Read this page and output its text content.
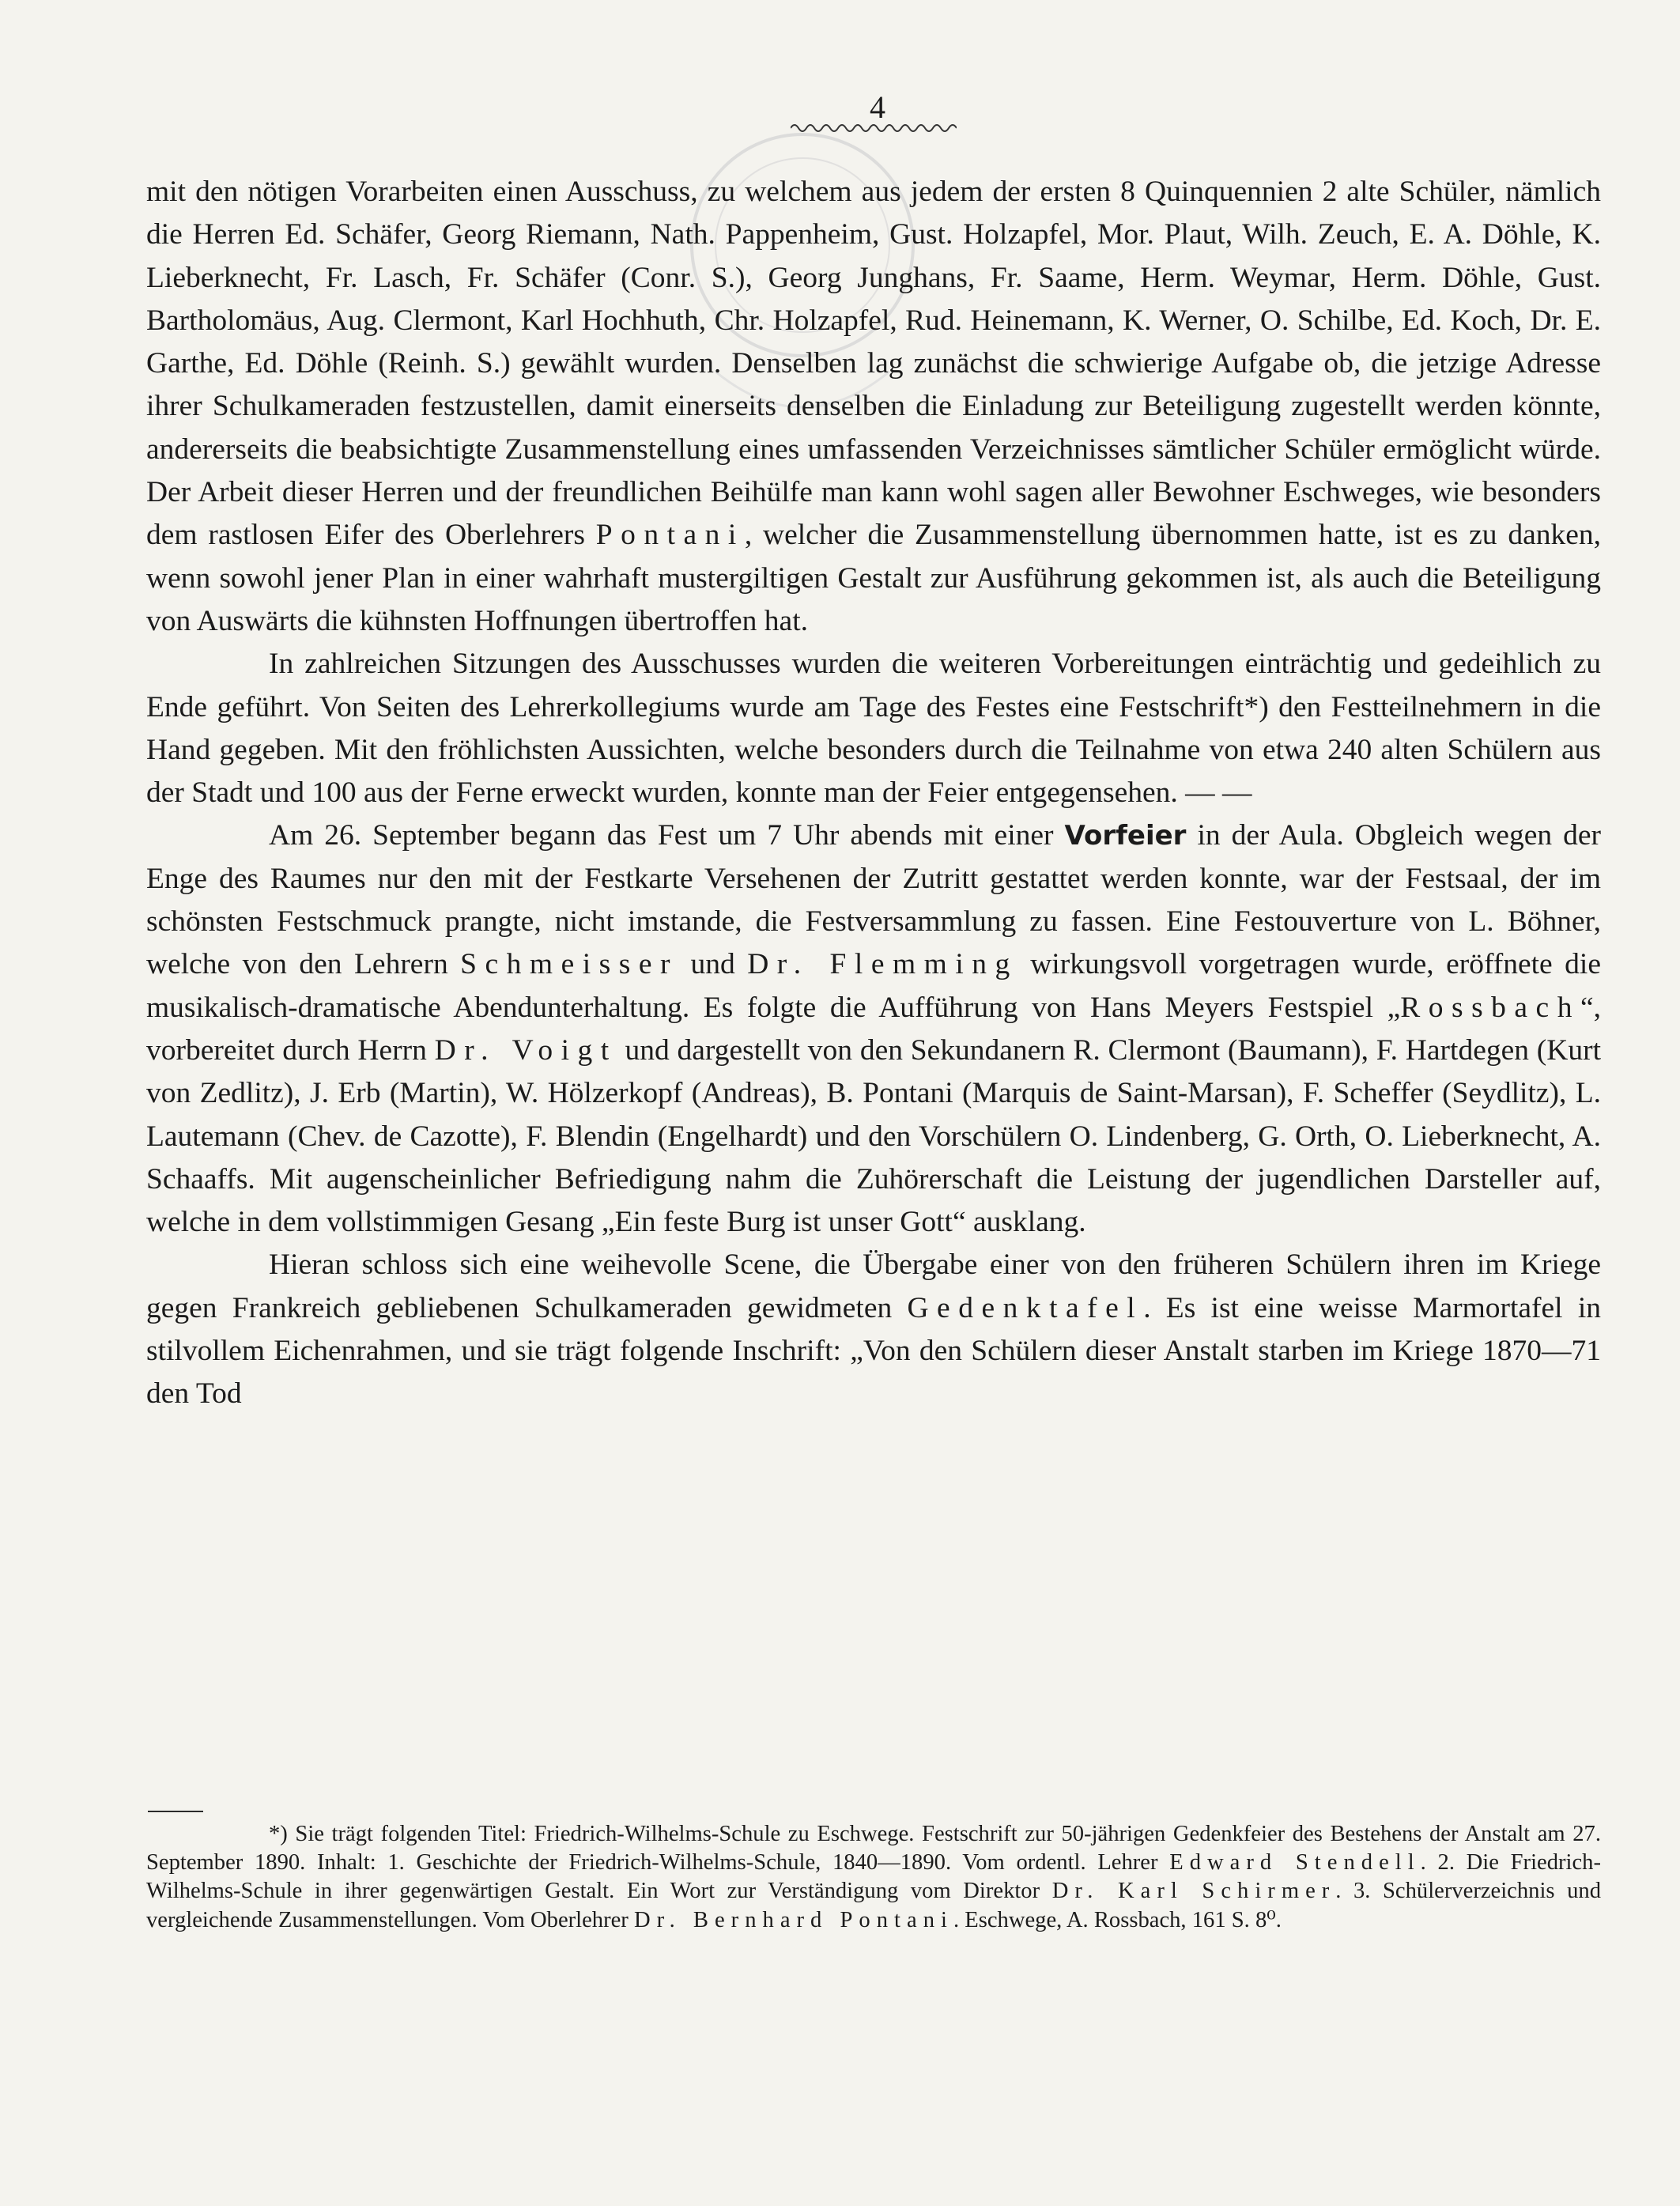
4

mit den nötigen Vorarbeiten einen Ausschuss, zu welchem aus jedem der ersten 8 Quinquennien 2 alte Schüler, nämlich die Herren Ed. Schäfer, Georg Riemann, Nath. Pappenheim, Gust. Holzapfel, Mor. Plaut, Wilh. Zeuch, E. A. Döhle, K. Lieberknecht, Fr. Lasch, Fr. Schäfer (Conr. S.), Georg Junghans, Fr. Saame, Herm. Weymar, Herm. Döhle, Gust. Bartholomäus, Aug. Clermont, Karl Hochhuth, Chr. Holzapfel, Rud. Heinemann, K. Werner, O. Schilbe, Ed. Koch, Dr. E. Garthe, Ed. Döhle (Reinh. S.) gewählt wurden. Denselben lag zunächst die schwierige Aufgabe ob, die jetzige Adresse ihrer Schulkameraden festzustellen, damit einerseits denselben die Einladung zur Beteiligung zugestellt werden könnte, andererseits die beabsichtigte Zusammenstellung eines umfassenden Verzeichnisses sämtlicher Schüler ermöglicht würde. Der Arbeit dieser Herren und der freundlichen Beihülfe man kann wohl sagen aller Bewohner Eschweges, wie besonders dem rastlosen Eifer des Oberlehrers Pontani, welcher die Zusammenstellung übernommen hatte, ist es zu danken, wenn sowohl jener Plan in einer wahrhaft mustergiltigen Gestalt zur Ausführung gekommen ist, als auch die Beteiligung von Auswärts die kühnsten Hoffnungen übertroffen hat.

In zahlreichen Sitzungen des Ausschusses wurden die weiteren Vorbereitungen einträchtig und gedeihlich zu Ende geführt. Von Seiten des Lehrerkollegiums wurde am Tage des Festes eine Festschrift*) den Festteilnehmern in die Hand gegeben. Mit den fröhlichsten Aussichten, welche besonders durch die Teilnahme von etwa 240 alten Schülern aus der Stadt und 100 aus der Ferne erweckt wurden, konnte man der Feier entgegensehen. — —

Am 26. September begann das Fest um 7 Uhr abends mit einer Vorfeier in der Aula. Obgleich wegen der Enge des Raumes nur den mit der Festkarte Versehenen der Zutritt gestattet werden konnte, war der Festsaal, der im schönsten Festschmuck prangte, nicht imstande, die Festversammlung zu fassen. Eine Festouverture von L. Böhner, welche von den Lehrern Schmeisser und Dr. Flemming wirkungsvoll vorgetragen wurde, eröffnete die musikalisch-dramatische Abendunterhaltung. Es folgte die Aufführung von Hans Meyers Festspiel „Rossbach“, vorbereitet durch Herrn Dr. Voigt und dargestellt von den Sekundanern R. Clermont (Baumann), F. Hartdegen (Kurt von Zedlitz), J. Erb (Martin), W. Hölzerkopf (Andreas), B. Pontani (Marquis de Saint-Marsan), F. Scheffer (Seydlitz), L. Lautemann (Chev. de Cazotte), F. Blendin (Engelhardt) und den Vorschülern O. Lindenberg, G. Orth, O. Lieberknecht, A. Schaaffs. Mit augenscheinlicher Befriedigung nahm die Zuhörerschaft die Leistung der jugendlichen Darsteller auf, welche in dem vollstimmigen Gesang „Ein feste Burg ist unser Gott“ ausklang.

Hieran schloss sich eine weihevolle Scene, die Übergabe einer von den früheren Schülern ihren im Kriege gegen Frankreich gebliebenen Schulkameraden gewidmeten Gedenktafel. Es ist eine weisse Marmortafel in stilvollem Eichenrahmen, und sie trägt folgende Inschrift: „Von den Schülern dieser Anstalt starben im Kriege 1870—71 den Tod

*) Sie trägt folgenden Titel: Friedrich-Wilhelms-Schule zu Eschwege. Festschrift zur 50-jährigen Gedenkfeier des Bestehens der Anstalt am 27. September 1890. Inhalt: 1. Geschichte der Friedrich-Wilhelms-Schule, 1840—1890. Vom ordentl. Lehrer Edward Stendell. 2. Die Friedrich-Wilhelms-Schule in ihrer gegenwärtigen Gestalt. Ein Wort zur Verständigung vom Direktor Dr. Karl Schirmer. 3. Schülerverzeichnis und vergleichende Zusammenstellungen. Vom Oberlehrer Dr. Bernhard Pontani. Eschwege, A. Rossbach, 161 S. 8⁰.
